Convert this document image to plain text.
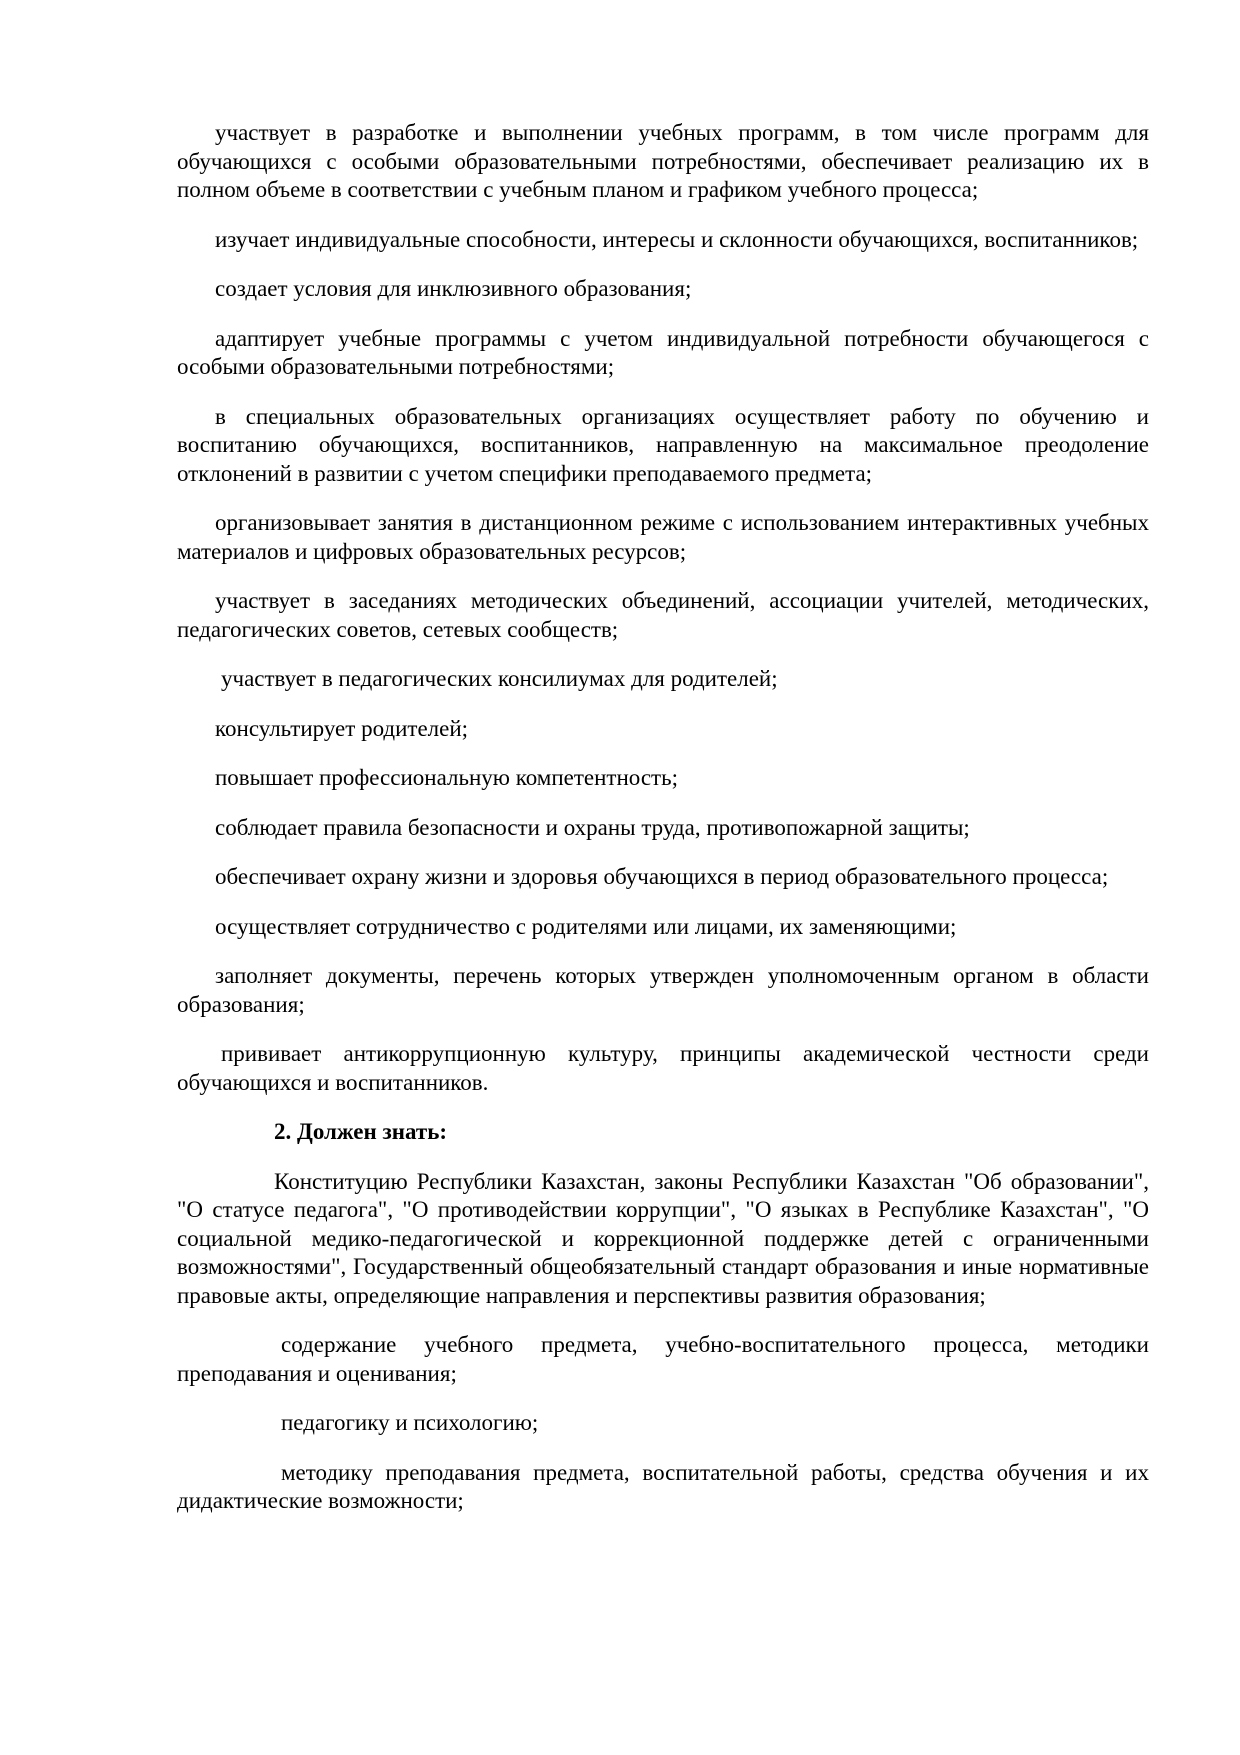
участвует в разработке и выполнении учебных программ, в том числе программ для обучающихся с особыми образовательными потребностями, обеспечивает реализацию их в полном объеме в соответствии с учебным планом и графиком учебного процесса;

изучает индивидуальные способности, интересы и склонности обучающихся, воспитанников;

создает условия для инклюзивного образования;

адаптирует учебные программы с учетом индивидуальной потребности обучающегося с особыми образовательными потребностями;

в специальных образовательных организациях осуществляет работу по обучению и воспитанию обучающихся, воспитанников, направленную на максимальное преодоление отклонений в развитии с учетом специфики преподаваемого предмета;

организовывает занятия в дистанционном режиме с использованием интерактивных учебных материалов и цифровых образовательных ресурсов;

участвует в заседаниях методических объединений, ассоциации учителей, методических, педагогических советов, сетевых сообществ;

участвует в педагогических консилиумах для родителей;

консультирует родителей;

повышает профессиональную компетентность;

соблюдает правила безопасности и охраны труда, противопожарной защиты;

обеспечивает охрану жизни и здоровья обучающихся в период образовательного процесса;

осуществляет сотрудничество с родителями или лицами, их заменяющими;

заполняет документы, перечень которых утвержден уполномоченным органом в области образования;

прививает антикоррупционную культуру, принципы академической честности среди обучающихся и воспитанников.

2. Должен знать:

Конституцию Республики Казахстан, законы Республики Казахстан "Об образовании", "О статусе педагога", "О противодействии коррупции", "О языках в Республике Казахстан", "О социальной медико-педагогической и коррекционной поддержке детей с ограниченными возможностями", Государственный общеобязательный стандарт образования и иные нормативные правовые акты, определяющие направления и перспективы развития образования;

содержание учебного предмета, учебно-воспитательного процесса, методики преподавания и оценивания;

педагогику и психологию;

методику преподавания предмета, воспитательной работы, средства обучения и их дидактические возможности;
